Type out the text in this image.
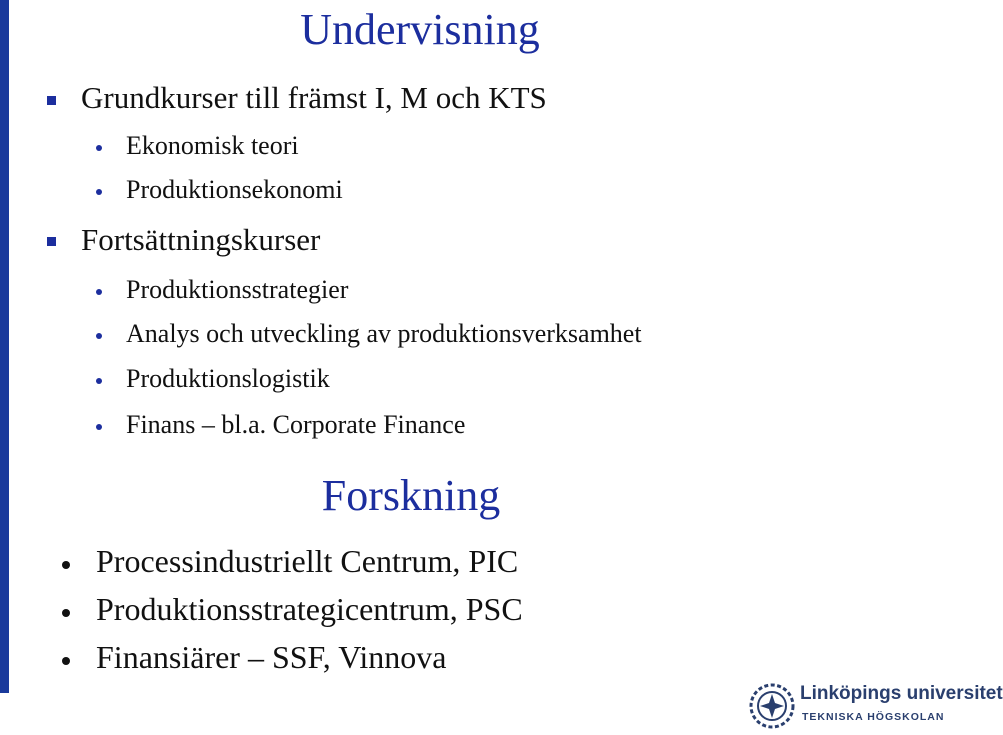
Undervisning
Grundkurser till främst I, M och KTS
Ekonomisk teori
Produktionsekonomi
Fortsättningskurser
Produktionsstrategier
Analys och utveckling av produktionsverksamhet
Produktionslogistik
Finans – bl.a. Corporate Finance
Forskning
Processindustriellt Centrum, PIC
Produktionsstrategicentrum, PSC
Finansiärer – SSF, Vinnova
Linköpings universitet
TEKNISKA HÖGSKOLAN
